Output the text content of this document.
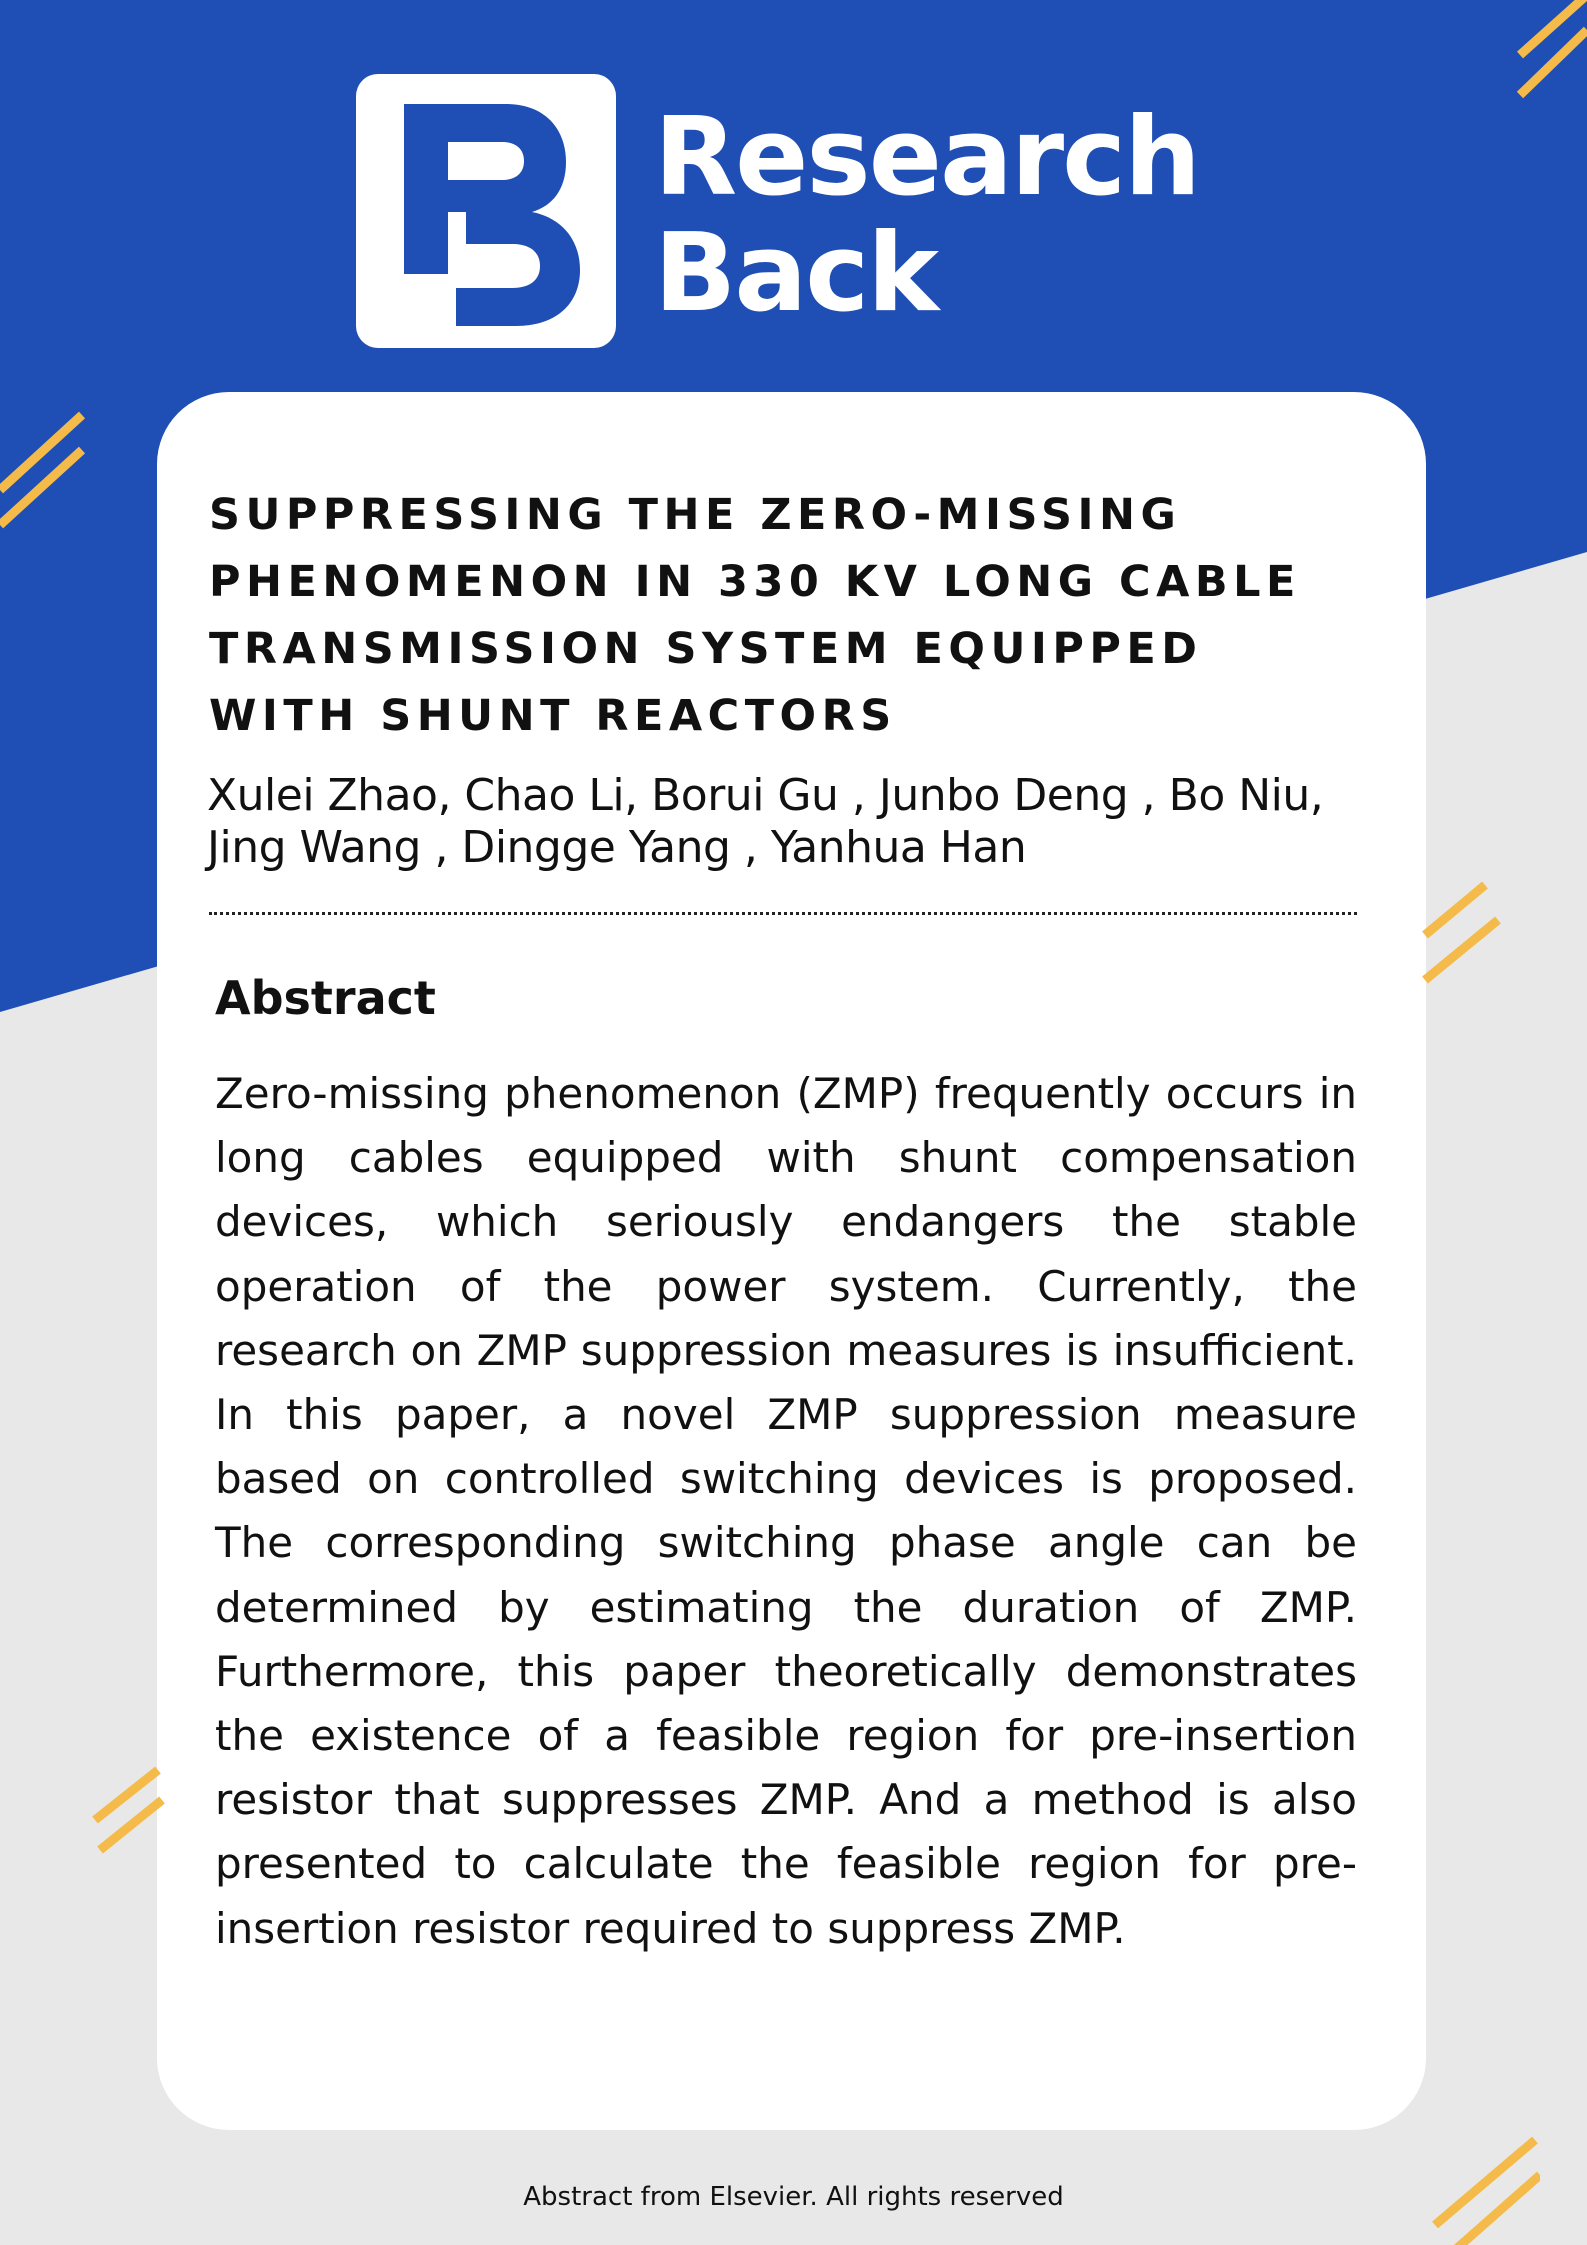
Research
Back
SUPPRESSING THE ZERO-MISSING PHENOMENON IN 330 KV LONG CABLE TRANSMISSION SYSTEM EQUIPPED WITH SHUNT REACTORS
Xulei Zhao, Chao Li, Borui Gu , Junbo Deng , Bo Niu, Jing Wang , Dingge Yang , Yanhua Han
Abstract
Zero-missing phenomenon (ZMP) frequently occurs in long cables equipped with shunt compensation devices, which seriously endangers the stable operation of the power system. Currently, the research on ZMP suppression measures is insufficient. In this paper, a novel ZMP suppression measure based on controlled switching devices is proposed. The corresponding switching phase angle can be determined by estimating the duration of ZMP. Furthermore, this paper theoretically demonstrates the existence of a feasible region for pre-insertion resistor that suppresses ZMP. And a method is also presented to calculate the feasible region for pre-insertion resistor required to suppress ZMP.
Abstract from Elsevier. All rights reserved
